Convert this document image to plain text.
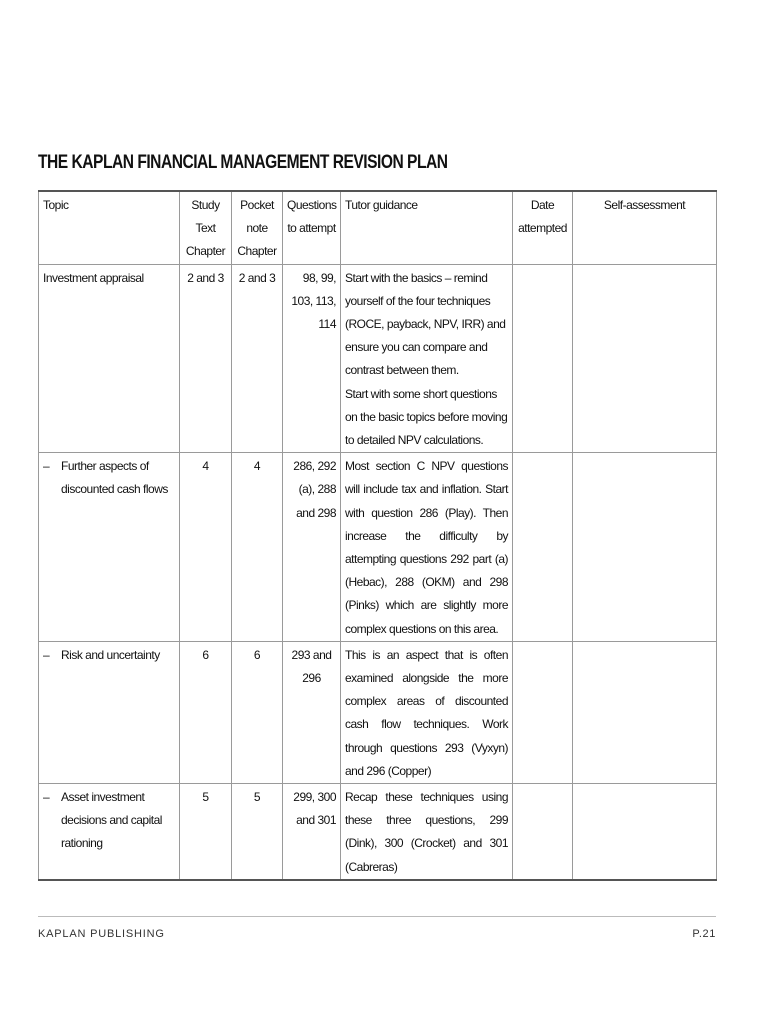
THE KAPLAN FINANCIAL MANAGEMENT REVISION PLAN
Topic	Study Text Chapter	Pocket note Chapter	Questions to attempt	Tutor guidance	Date attempted	Self-assessment
Investment appraisal	2 and 3	2 and 3	98, 99, 103, 113, 114	Start with the basics – remind yourself of the four techniques (ROCE, payback, NPV, IRR) and ensure you can compare and contrast between them.
Start with some short questions on the basic topics before moving to detailed NPV calculations.		

– Further aspects of discounted cash flows	4	4	286, 292 (a), 288 and 298	Most section C NPV questions will include tax and inflation. Start with question 286 (Play). Then increase the difficulty by attempting questions 292 part (a) (Hebac), 288 (OKM) and 298 (Pinks) which are slightly more complex questions on this area.		

– Risk and uncertainty	6	6	293 and 296	This is an aspect that is often examined alongside the more complex areas of discounted cash flow techniques. Work through questions 293 (Vyxyn) and 296 (Copper)		

– Asset investment decisions and capital rationing	5	5	299, 300 and 301	Recap these techniques using these three questions, 299 (Dink), 300 (Crocket) and 301 (Cabreras)		
KAPLAN PUBLISHING	P.21
